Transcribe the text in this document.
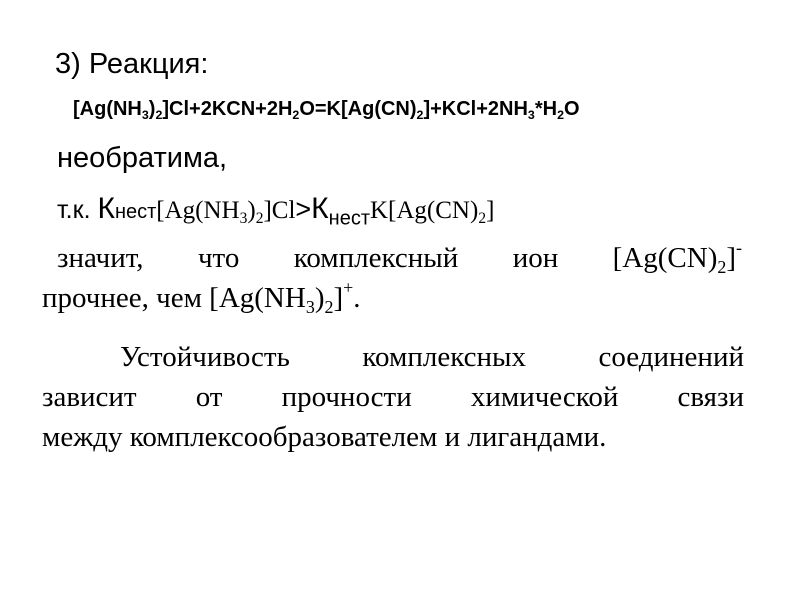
3) Реакция:
$[Ag(NH_3)_2]Cl+2KCN+2H_2O=K[Ag(CN)_2]+KCl+2NH_3*H_2O$
необратима,
т.к. $Кнест[Ag(NH_3)_2]Cl>К_{нест}K[Ag(CN)_2]$
значит, что комплексный ион $[Ag(CN)_2]^-$
прочнее, чем $[Ag(NH_3)_2]^+$.
Устойчивость комплексных соединений
зависит от прочности химической связи
между комплексообразователем и лигандами.
